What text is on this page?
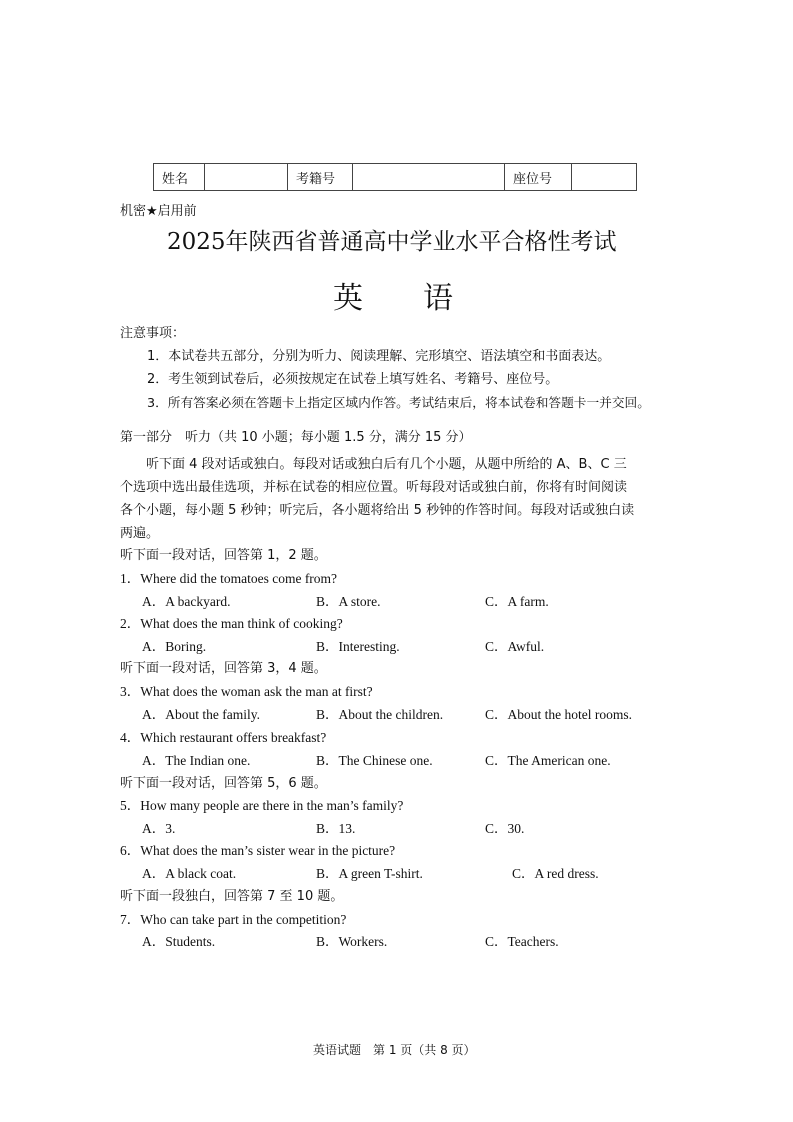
姓名		考籍号		座位号	
机密★启用前
2025年陕西省普通高中学业水平合格性考试
英　　语
注意事项：
1．本试卷共五部分，分别为听力、阅读理解、完形填空、语法填空和书面表达。
2．考生领到试卷后，必须按规定在试卷上填写姓名、考籍号、座位号。
3．所有答案必须在答题卡上指定区域内作答。考试结束后，将本试卷和答题卡一并交回。
第一部分　听力（共 10 小题；每小题 1.5 分，满分 15 分）
　　听下面 4 段对话或独白。每段对话或独白后有几个小题，从题中所给的 A、B、C 三
个选项中选出最佳选项，并标在试卷的相应位置。听每段对话或独白前，你将有时间阅读
各个小题，每小题 5 秒钟；听完后，各小题将给出 5 秒钟的作答时间。每段对话或独白读
两遍。
听下面一段对话，回答第 1，2 题。
1．Where did the tomatoes come from?
A．A backyard.	B．A store.	C．A farm.
2．What does the man think of cooking?
A．Boring.	B．Interesting.	C．Awful.
听下面一段对话，回答第 3，4 题。
3．What does the woman ask the man at first?
A．About the family.	B．About the children.	C．About the hotel rooms.
4．Which restaurant offers breakfast?
A．The Indian one.	B．The Chinese one.	C．The American one.
听下面一段对话，回答第 5，6 题。
5．How many people are there in the man’s family?
A．3.	B．13.	C．30.
6．What does the man’s sister wear in the picture?
A．A black coat.	B．A green T-shirt.	C．A red dress.
听下面一段独白，回答第 7 至 10 题。
7．Who can take part in the competition?
A．Students.	B．Workers.	C．Teachers.
英语试题　第 1 页（共 8 页）
